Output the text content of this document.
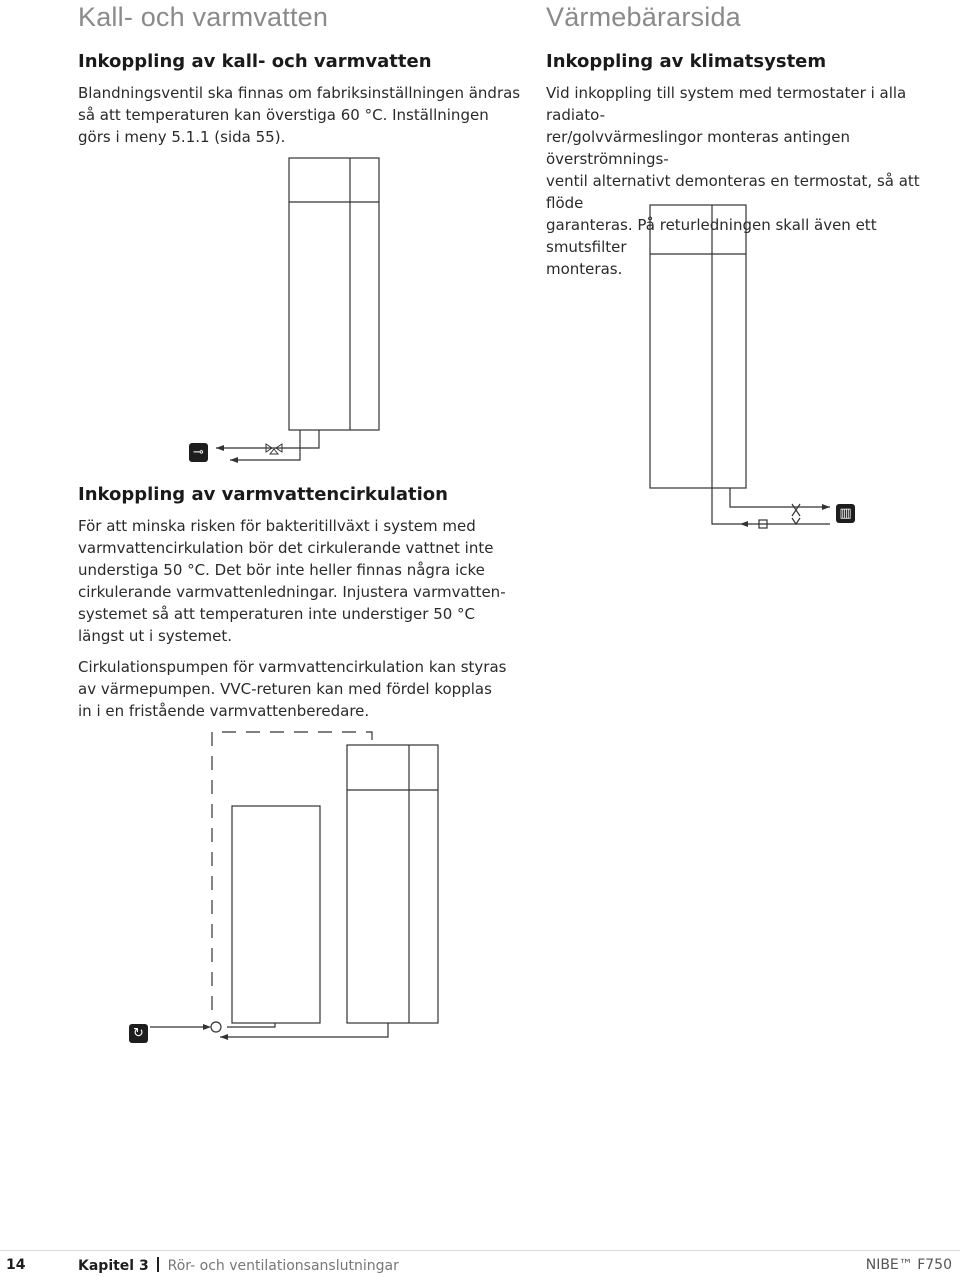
Kall- och varmvatten
Inkoppling av kall- och varmvatten
Blandningsventil ska finnas om fabriksinställningen ändras
så att temperaturen kan överstiga 60 °C. Inställningen
görs i meny 5.1.1 (sida 55).
Värmebärarsida
Inkoppling av klimatsystem
Vid inkoppling till system med termostater i alla radiato-
rer/golvvärmeslingor monteras antingen överströmnings-
ventil alternativt demonteras en termostat, så att flöde
garanteras. På returledningen skall även ett smutsfilter
monteras.
⊸
▥
Inkoppling av varmvattencirkulation
För att minska risken för bakteritillväxt i system med
varmvattencirkulation bör det cirkulerande vattnet inte
understiga 50 °C. Det bör inte heller finnas några icke
cirkulerande varmvattenledningar. Injustera varmvatten-
systemet så att temperaturen inte understiger 50 °C
längst ut i systemet.
Cirkulationspumpen för varmvattencirkulation kan styras
av värmepumpen. VVC-returen kan med fördel kopplas
in i en fristående varmvattenberedare.
↻
14	Kapitel 3 Rör- och ventilationsanslutningar	NIBE™ F750
